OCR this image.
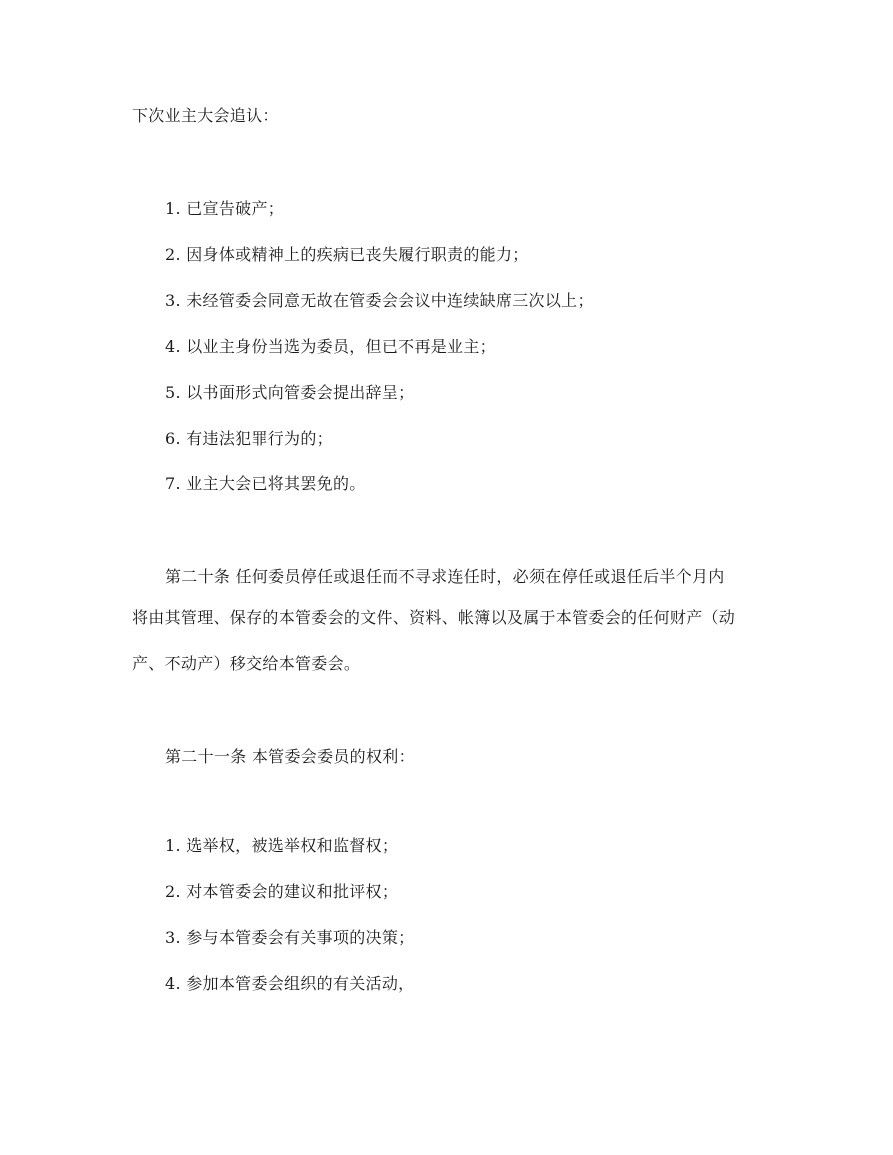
下次业主大会追认：
1. 已宣告破产；
2. 因身体或精神上的疾病已丧失履行职责的能力；
3. 未经管委会同意无故在管委会会议中连续缺席三次以上；
4. 以业主身份当选为委员，但已不再是业主；
5. 以书面形式向管委会提出辞呈；
6. 有违法犯罪行为的；
7. 业主大会已将其罢免的。
第二十条 任何委员停任或退任而不寻求连任时，必须在停任或退任后半个月内
将由其管理、保存的本管委会的文件、资料、帐簿以及属于本管委会的任何财产（动
产、不动产）移交给本管委会。
第二十一条 本管委会委员的权利：
1. 选举权，被选举权和监督权；
2. 对本管委会的建议和批评权；
3. 参与本管委会有关事项的决策；
4. 参加本管委会组织的有关活动，
